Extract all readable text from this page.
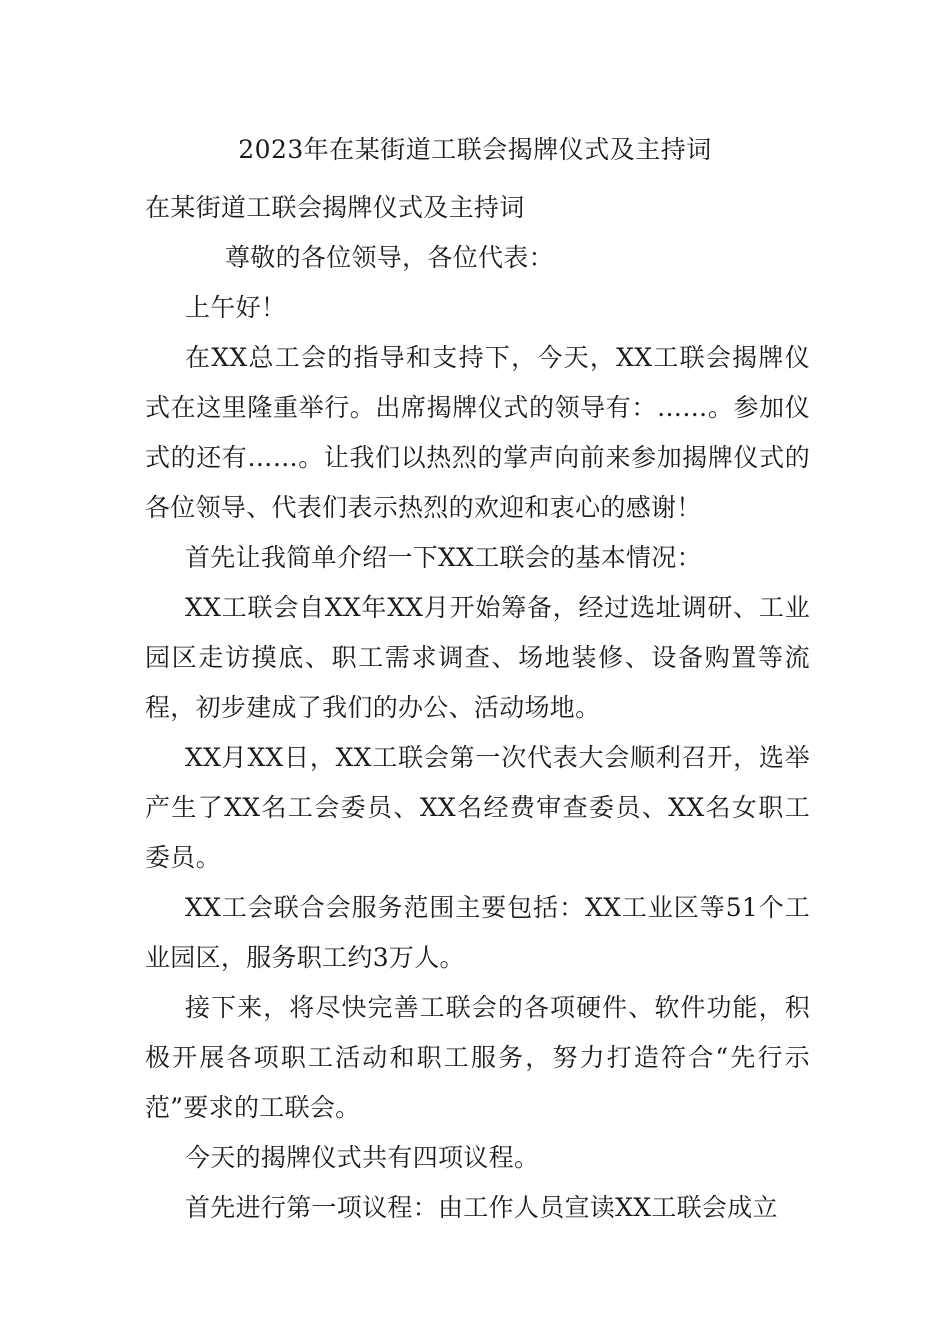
2023年在某街道工联会揭牌仪式及主持词

在某街道工联会揭牌仪式及主持词

尊敬的各位领导，各位代表：

上午好！

在XX总工会的指导和支持下，今天，XX工联会揭牌仪式在这里隆重举行。出席揭牌仪式的领导有：……。参加仪式的还有……。让我们以热烈的掌声向前来参加揭牌仪式的各位领导、代表们表示热烈的欢迎和衷心的感谢！

首先让我简单介绍一下XX工联会的基本情况：

XX工联会自XX年XX月开始筹备，经过选址调研、工业园区走访摸底、职工需求调查、场地装修、设备购置等流程，初步建成了我们的办公、活动场地。

XX月XX日，XX工联会第一次代表大会顺利召开，选举产生了XX名工会委员、XX名经费审查委员、XX名女职工委员。

XX工会联合会服务范围主要包括：XX工业区等51个工业园区，服务职工约3万人。

接下来，将尽快完善工联会的各项硬件、软件功能，积极开展各项职工活动和职工服务，努力打造符合“先行示范”要求的工联会。

今天的揭牌仪式共有四项议程。

首先进行第一项议程：由工作人员宣读XX工联会成立
